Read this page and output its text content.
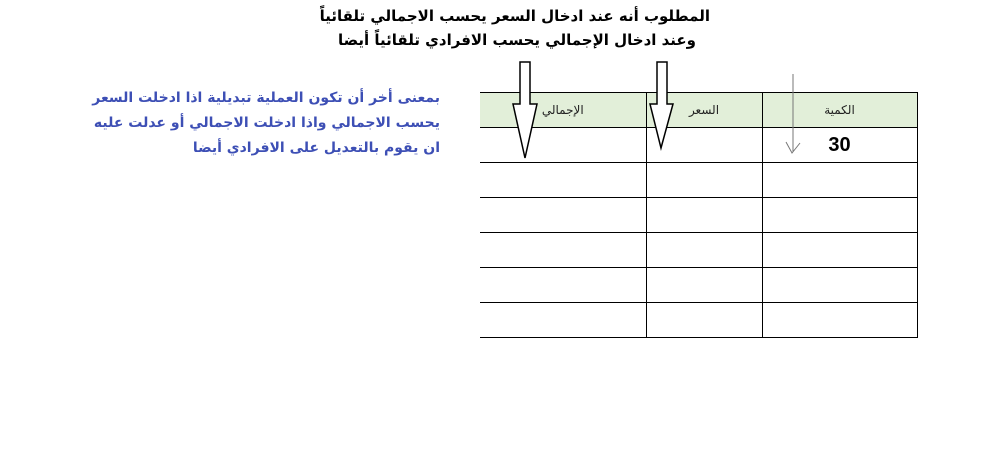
المطلوب أنه عند ادخال السعر يحسب الاجمالي تلقائياً
وعند ادخال الإجمالي يحسب الافرادي تلقائياً أيضا
بمعنى أخر أن تكون العملية تبديلية اذا ادخلت السعر
يحسب الاجمالي واذا ادخلت الاجمالي أو عدلت عليه
ان يقوم بالتعديل على الافرادي أيضا
الكمية	السعر	الإجمالي
30		
